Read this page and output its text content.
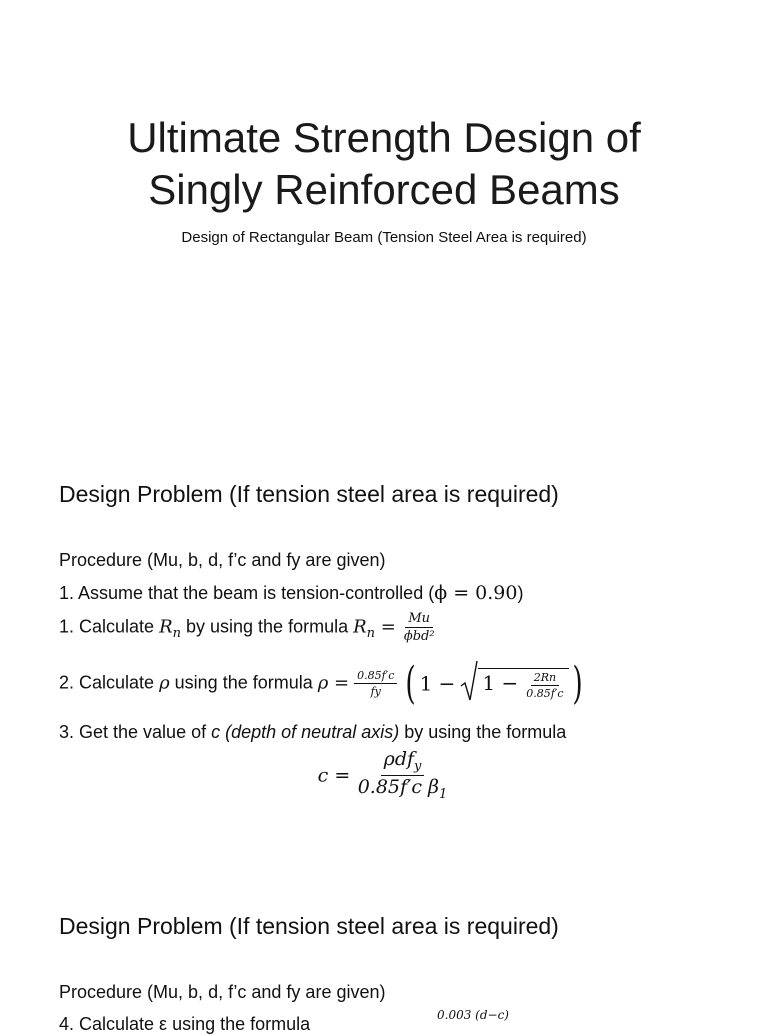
Ultimate Strength Design of
Singly Reinforced Beams
Design of Rectangular Beam (Tension Steel Area is required)
Design Problem (If tension steel area is required)
Procedure (Mu, b, d, f’c and fy are given)
1. Assume that the beam is tension-controlled (ϕ = 0.90)
1. Calculate $R_n$ by using the formula $R_n = \frac{Mu}{\text{ϕbd²}}$
2. Calculate ρ using the formula $\rho = \frac{0.85f'c}{fy}$ ( $1 - 1 - \frac{2Rn}{0.85f'c}$ )
3. Get the value of c (depth of neutral axis) by using the formula
$c = \frac{\rho df_y}{0.85f'c \beta_1}$
Design Problem (If tension steel area is required)
Procedure (Mu, b, d, f’c and fy are given)
4. Calculate ε using the formula	0.003 (d−c)
